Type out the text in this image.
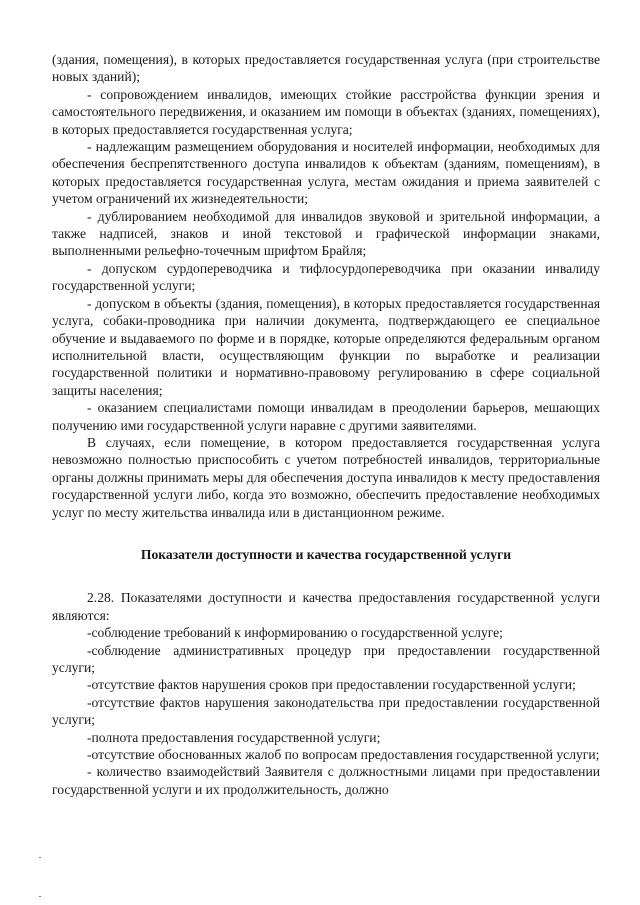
(здания, помещения), в которых предоставляется государственная услуга (при строительстве новых зданий);

- сопровождением инвалидов, имеющих стойкие расстройства функции зрения и самостоятельного передвижения, и оказанием им помощи в объектах (зданиях, помещениях), в которых предоставляется государственная услуга;

- надлежащим размещением оборудования и носителей информации, необходимых для обеспечения беспрепятственного доступа инвалидов к объектам (зданиям, помещениям), в которых предоставляется государственная услуга, местам ожидания и приема заявителей с учетом ограничений их жизнедеятельности;

- дублированием необходимой для инвалидов звуковой и зрительной информации, а также надписей, знаков и иной текстовой и графической информации знаками, выполненными рельефно-точечным шрифтом Брайля;

- допуском сурдопереводчика и тифлосурдопереводчика при оказании инвалиду государственной услуги;

- допуском в объекты (здания, помещения), в которых предоставляется государственная услуга, собаки-проводника при наличии документа, подтверждающего ее специальное обучение и выдаваемого по форме и в порядке, которые определяются федеральным органом исполнительной власти, осуществляющим функции по выработке и реализации государственной политики и нормативно-правовому регулированию в сфере социальной защиты населения;

- оказанием специалистами помощи инвалидам в преодолении барьеров, мешающих получению ими государственной услуги наравне с другими заявителями.

В случаях, если помещение, в котором предоставляется государственная услуга невозможно полностью приспособить с учетом потребностей инвалидов, территориальные органы должны принимать меры для обеспечения доступа инвалидов к месту предоставления государственной услуги либо, когда это возможно, обеспечить предоставление необходимых услуг по месту жительства инвалида или в дистанционном режиме.

Показатели доступности и качества государственной услуги

2.28. Показателями доступности и качества предоставления государственной услуги являются:

-соблюдение требований к информированию о государственной услуге;

-соблюдение административных процедур при предоставлении государственной услуги;

-отсутствие фактов нарушения сроков при предоставлении государственной услуги;

-отсутствие фактов нарушения законодательства при предоставлении государственной услуги;

-полнота предоставления государственной услуги;

-отсутствие обоснованных жалоб по вопросам предоставления государственной услуги;

- количество взаимодействий Заявителя с должностными лицами при предоставлении государственной услуги и их продолжительность, должно
